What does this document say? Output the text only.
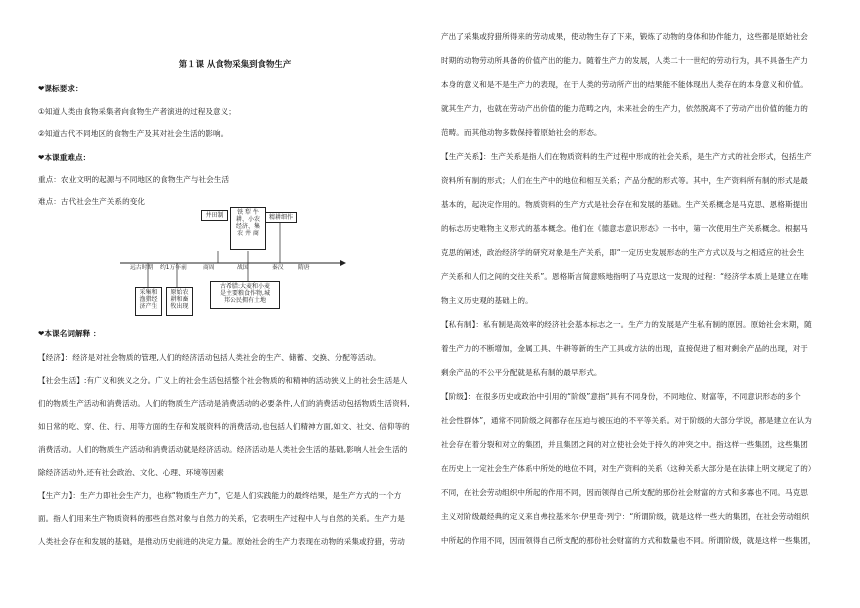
第１课 从食物采集到食物生产
❤课标要求：
①知道人类由食物采集者向食物生产者演进的过程及意义；
②知道古代不同地区的食物生产及其对社会生活的影响。
❤本课重难点：
重点：农业文明的起源与不同地区的食物生产与社会生活
难点：古代社会生产关系的变化
❤本课名词解释 ：
【经济】：经济是对社会物质的管理,人们的经济活动包括人类社会的生产、储蓄、交换、分配等活动。
【社会生活】:有广义和狭义之分。广义上的社会生活包括整个社会物质的和精神的活动狭义上的社会生活是人
们的物质生产活动和消费活动。人们的物质生产活动是消费活动的必要条件,人们的消费活动包括物质生活资料,
如日常的吃、穿、住、行、用等方面的生存和发展资料的消费活动,也包括人们精神方面,如文、社交、信仰等的
消费活动。人们的物质生产活动和消费活动就是经济活动。经济活动是人类社会生活的基础,影响人社会生活的
除经济活动外,还有社会政治、文化、心理、环境等因素
【生产力】：生产力即社会生产力，也称“物质生产力”，它是人们实践能力的最终结果，是生产方式的一个方
面。指人们用来生产物质资料的那些自然对象与自然力的关系，它表明生产过程中人与自然的关系。生产力是
人类社会存在和发展的基础，是推动历史前进的决定力量。原始社会的生产力表现在动物的采集或狩猎，劳动
井田制	铁 犁 牛
耕、小农
经济、集
农 井 商
精耕细作
远古时期 约1万年前	商周	战国	秦汉 隋唐
采集和
渔猎经
济产生
原始农
耕和畜
牧出现
古希腊:大麦和小麦
是主要粮食作物,城
邦公民拥有土地
产出了采集或狩猎所得来的劳动成果，使动物生存了下来，锻炼了动物的身体和协作能力，这些都是原始社会
时期的动物劳动所具备的价值产出的能力。随着生产力的发展，人类二十一世纪的劳动行为，具不具备生产力
本身的意义和是不是生产力的表现，在于人类的劳动所产出的结果能不能体现出人类存在的本身意义和价值。
就其生产力，也就在劳动产出价值的能力范畴之内，未来社会的生产力，依然脱离不了劳动产出价值的能力的
范畴。而其他动物多数保持着原始社会的形态。
【生产关系】：生产关系是指人们在物质资料的生产过程中形成的社会关系，是生产方式的社会形式，包括生产
资料所有制的形式；人们在生产中的地位和相互关系；产品分配的形式等。其中，生产资料所有制的形式是最
基本的，起决定作用的。物质资料的生产方式是社会存在和发展的基础。生产关系概念是马克思、恩格斯提出
的标志历史唯物主义形式的基本概念。他们在《德意志意识形态》一书中，第一次使用生产关系概念。根据马
克思的阐述，政治经济学的研究对象是生产关系，即“一定历史发展形态的生产方式以及与之相适应的社会生
产关系和人们之间的交往关系”。恩格斯言简意赅地指明了马克思这一发现的过程：“经济学本质上是建立在唯
物主义历史观的基础上的。
【私有制】：私有制是高效率的经济社会基本标志之一。生产力的发展是产生私有制的原因。原始社会末期，随
着生产力的不断增加，金属工具、牛耕等新的生产工具或方法的出现，直接促进了相对剩余产品的出现，对于
剩余产品的不公平分配就是私有制的最早形式。
【阶级】：在很多历史或政治中引用的“阶级”意指“具有不同身份，不同地位、财富等，不同意识形态的多个
社会性群体”，通常不同阶级之间都存在压迫与被压迫的不平等关系。对于阶级的大部分学说，都是建立在认为
社会存在着分裂和对立的集团，并且集团之间的对立使社会处于持久的冲突之中。指这样一些集团，这些集团
在历史上一定社会生产体系中所处的地位不同，对生产资料的关系（这种关系大部分是在法律上明文规定了的）
不同，在社会劳动组织中所起的作用不同，因而领得自己所支配的那份社会财富的方式和多寡也不同。马克思
主义对阶级最经典的定义来自弗拉基米尔·伊里奇·列宁：“所谓阶级，就是这样一些大的集团，在社会劳动组织
中所起的作用不同，因而领得自己所支配的那份社会财富的方式和数量也不同。所谓阶级，就是这样一些集团，
